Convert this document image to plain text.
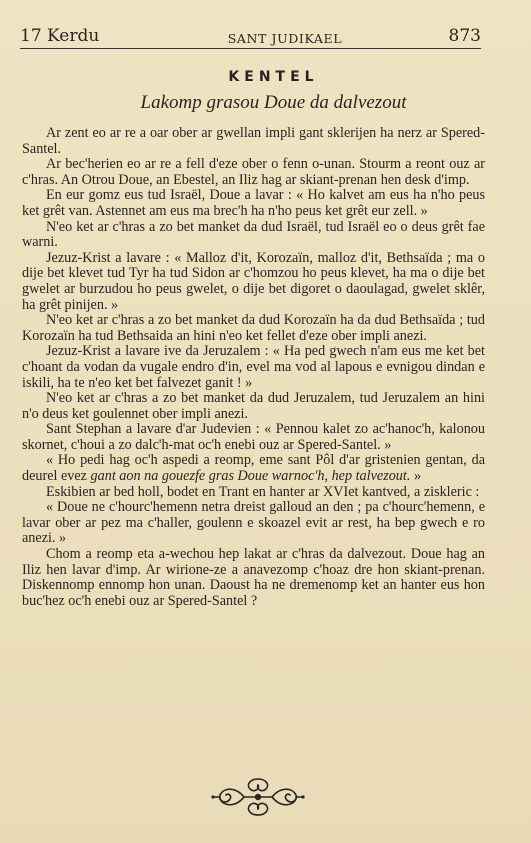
17 Kerdu	SANT JUDIKAEL	873
KENTEL
Lakomp grasou Doue da dalvezout

Ar zent eo ar re a oar ober ar gwellan impli gant sklerijen ha nerz ar Spered-Santel.

Ar bec'herien eo ar re a fell d'eze ober o fenn o-unan. Stourm a reont ouz ar c'hras. An Otrou Doue, an Ebestel, an Iliz hag ar skiant-prenan hen desk d'imp.

En eur gomz eus tud Israël, Doue a lavar : « Ho kalvet am eus ha n'ho peus ket grêt van. Astennet am eus ma brec'h ha n'ho peus ket grêt eur zell. »

N'eo ket ar c'hras a zo bet manket da dud Israël, tud Israël eo o deus grêt fae warni.

Jezuz-Krist a lavare : « Malloz d'it, Korozaïn, malloz d'it, Bethsaïda ; ma o dije bet klevet tud Tyr ha tud Sidon ar c'homzou ho peus klevet, ha ma o dije bet gwelet ar burzudou ho peus gwelet, o dije bet digoret o daoulagad, gwelet sklêr, ha grêt pinijen. »

N'eo ket ar c'hras a zo bet manket da dud Korozaïn ha da dud Bethsaïda ; tud Korozaïn ha tud Bethsaida an hini n'eo ket fellet d'eze ober impli anezi.

Jezuz-Krist a lavare ive da Jeruzalem : « Ha ped gwech n'am eus me ket bet c'hoant da vodan da vugale endro d'in, evel ma vod al lapous e evnigou dindan e iskili, ha te n'eo ket bet falvezet ganit ! »

N'eo ket ar c'hras a zo bet manket da dud Jeruzalem, tud Jeruzalem an hini n'o deus ket goulennet ober impli anezi.

Sant Stephan a lavare d'ar Judevien : « Pennou kalet zo ac'hanoc'h, kalonou skornet, c'houi a zo dalc'h-mat oc'h enebi ouz ar Spered-Santel. »

« Ho pedi hag oc'h aspedi a reomp, eme sant Pôl d'ar gristenien gentan, da deurel evez gant aon na gouezfe gras Doue warnoc'h, hep talvezout. »

Eskibien ar bed holl, bodet en Trant en hanter ar XVIet kantved, a ziskleric :

« Doue ne c'hourc'hemenn netra dreist galloud an den ; pa c'hourc'hemenn, e lavar ober ar pez ma c'haller, goulenn e skoazel evit ar rest, ha bep gwech e ro anezi. »

Chom a reomp eta a-wechou hep lakat ar c'hras da dalvezout. Doue hag an Iliz hen lavar d'imp. Ar wirione-ze a anavezomp c'hoaz dre hon skiant-prenan. Diskennomp ennomp hon unan. Daoust ha ne dremenomp ket an hanter eus hon buc'hez oc'h enebi ouz ar Spered-Santel ?
